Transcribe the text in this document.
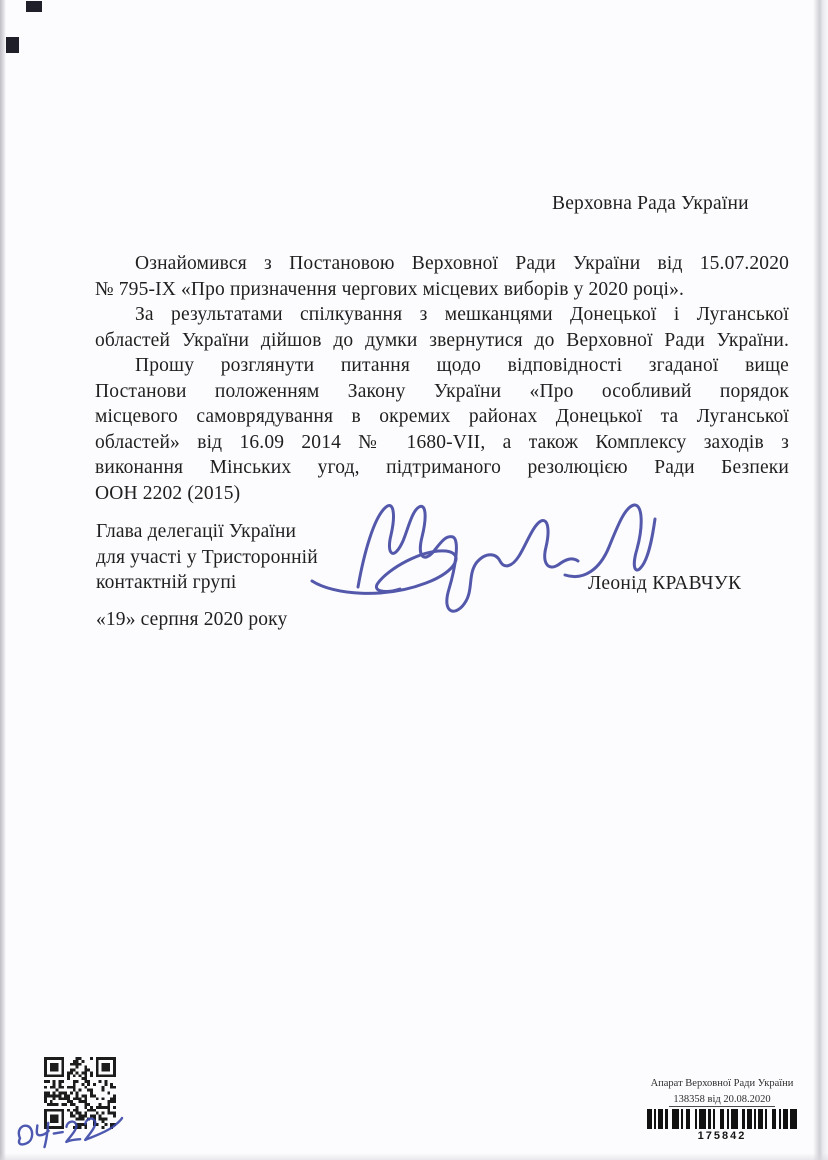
Верховна Рада України
Ознайомився з Постановою Верховної Ради України від 15.07.2020
№ 795-IX «Про призначення чергових місцевих виборів у 2020 році».
За результатами спілкування з мешканцями Донецької і Луганської
областей України дійшов до думки звернутися до Верховної Ради України.
Прошу розглянути питання щодо відповідності згаданої вище
Постанови положенням Закону України «Про особливий порядок
місцевого самоврядування в окремих районах Донецької та Луганської
областей» від 16.09 2014 № 1680-VII, а також Комплексу заходів з
виконання Мінських угод, підтриманого резолюцією Ради Безпеки
ООН 2202 (2015)
Глава делегації України
для участі у Тристоронній
контактній групі	Леонід КРАВЧУК
«19» серпня 2020 року
Апарат Верховної Ради України
138358 від 20.08.2020
175842
